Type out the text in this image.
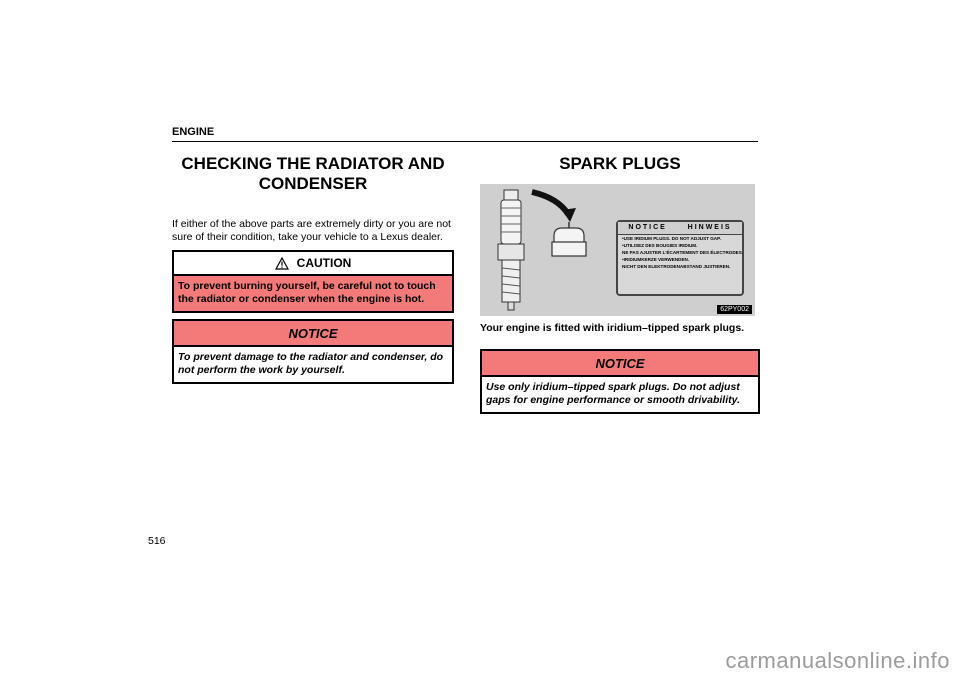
ENGINE
CHECKING THE RADIATOR AND
CONDENSER

If either of the above parts are extremely dirty or you are not sure of their condition, take your vehicle to a Lexus dealer.

CAUTION
To prevent burning yourself, be careful not to touch the radiator or condenser when the engine is hot.
NOTICE
To prevent damage to the radiator and condenser, do not perform the work by yourself.
SPARK PLUGS
NOTICE	HINWEIS
•USE IRIDIUM PLUGS. DO NOT ADJUST GAP.
•UTILISEZ DES BOUGIES IRIDIUM.
NE PAS AJUSTER L'ÉCARTEMENT DES ÉLECTRODES.
•IRIDIUMKERZE VERWENDEN.
NICHT DEN ELEKTRODENABSTAND JUSTIEREN.
62PY002

Your engine is fitted with iridium–tipped spark plugs.

NOTICE
Use only iridium–tipped spark plugs. Do not adjust gaps for engine performance or smooth drivability.
516
carmanualsonline.info
